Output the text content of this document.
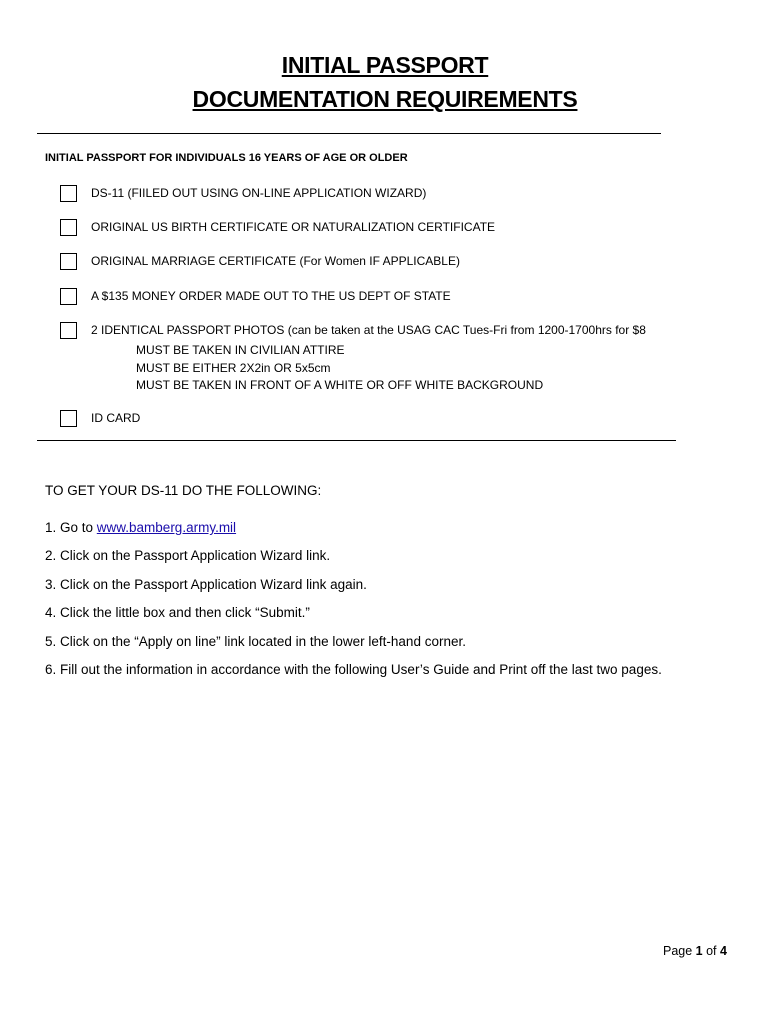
INITIAL PASSPORT
DOCUMENTATION REQUIREMENTS
INITIAL PASSPORT FOR INDIVIDUALS 16 YEARS OF AGE OR OLDER
DS-11 (FIILED OUT USING ON-LINE APPLICATION WIZARD)
ORIGINAL US BIRTH CERTIFICATE OR NATURALIZATION CERTIFICATE
ORIGINAL MARRIAGE CERTIFICATE (For Women IF APPLICABLE)
A $135 MONEY ORDER MADE OUT TO THE US DEPT OF STATE
2 IDENTICAL PASSPORT PHOTOS (can be taken at the USAG CAC Tues-Fri from 1200-1700hrs for $8
MUST BE TAKEN IN CIVILIAN ATTIRE
MUST BE EITHER 2X2in OR 5x5cm
MUST BE TAKEN IN FRONT OF A WHITE OR OFF WHITE BACKGROUND
ID CARD
TO GET YOUR DS-11 DO THE FOLLOWING:
1. Go to www.bamberg.army.mil
2. Click on the Passport Application Wizard link.
3. Click on the Passport Application Wizard link again.
4. Click the little box and then click “Submit.”
5. Click on the “Apply on line” link located in the lower left-hand corner.
6. Fill out the information in accordance with the following User’s Guide and Print off the last two pages.
Page 1 of 4
